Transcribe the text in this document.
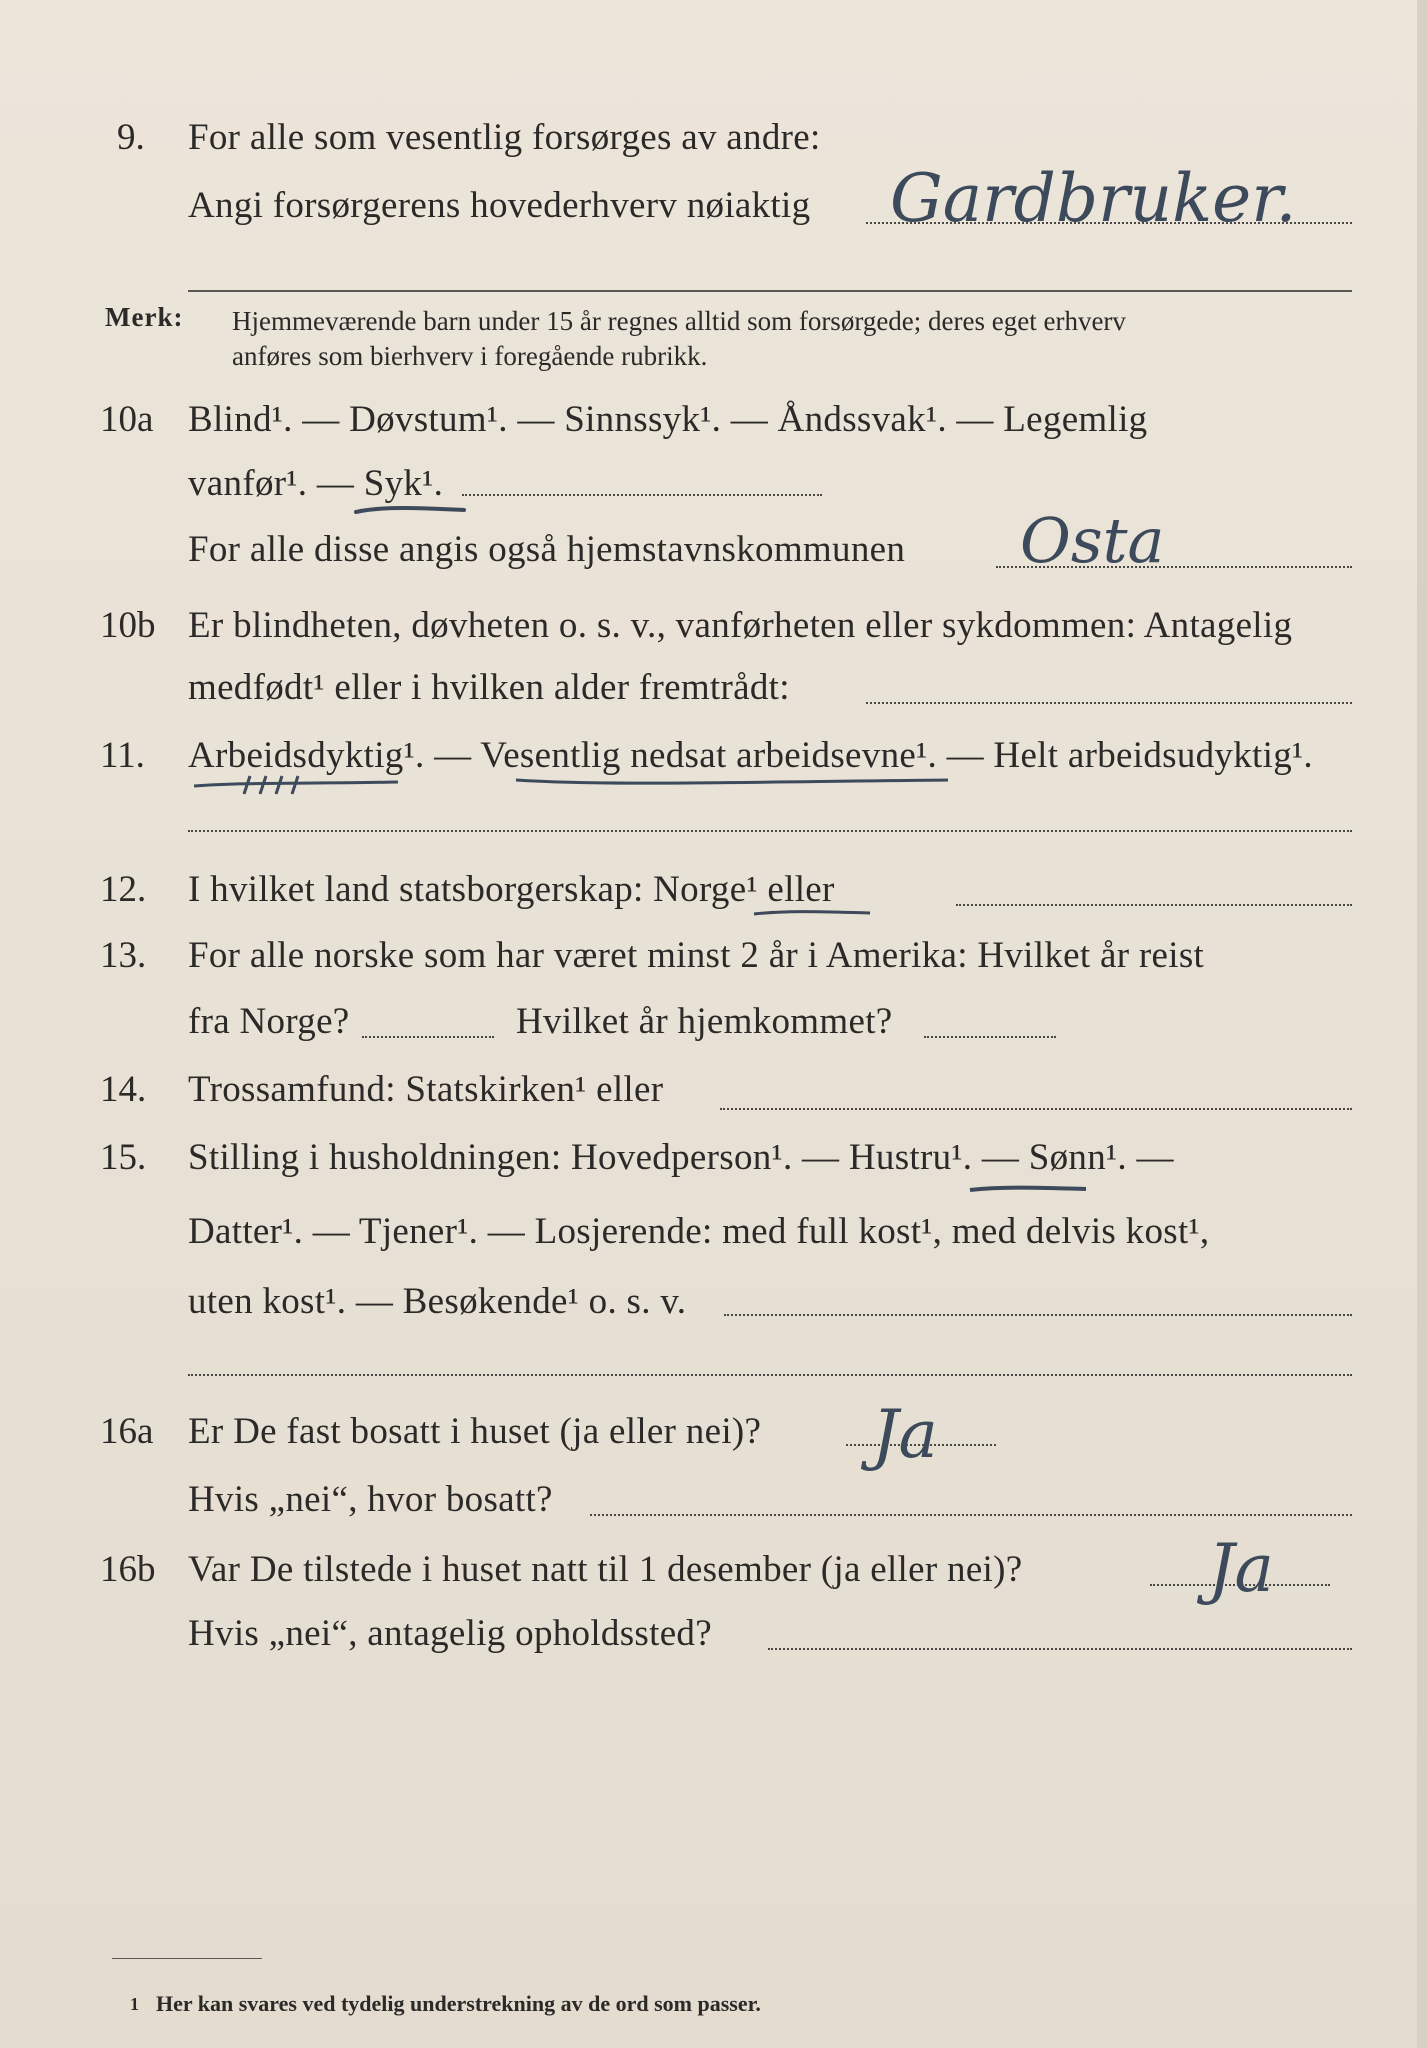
9. For alle som vesentlig forsørges av andre:
Angi forsørgerens hovederhverv nøiaktig Gardbruker.
Merk: Hjemmeværende barn under 15 år regnes alltid som forsørgede; deres eget erhverv
anføres som bierhverv i foregående rubrikk.
10a Blind¹. — Døvstum¹. — Sinnssyk¹. — Åndssvak¹. — Legemlig
vanfør¹. — Syk¹.
For alle disse angis også hjemstavnskommunen Osta
10b Er blindheten, døvheten o. s. v., vanførheten eller sykdommen: Antagelig
medfødt¹ eller i hvilken alder fremtrådt:
11. Arbeidsdyktig¹. — Vesentlig nedsat arbeidsevne¹. — Helt arbeidsudyktig¹.
12. I hvilket land statsborgerskap: Norge¹ eller
13. For alle norske som har været minst 2 år i Amerika: Hvilket år reist
fra Norge?	Hvilket år hjemkommet?
14. Trossamfund: Statskirken¹ eller
15. Stilling i husholdningen: Hovedperson¹. — Hustru¹. — Sønn¹. —
Datter¹. — Tjener¹. — Losjerende: med full kost¹, med delvis kost¹,
uten kost¹. — Besøkende¹ o. s. v.
16a Er De fast bosatt i huset (ja eller nei)? Ja
Hvis „nei“, hvor bosatt?
16b Var De tilstede i huset natt til 1 desember (ja eller nei)?	Ja
Hvis „nei“, antagelig opholdssted?
1 Her kan svares ved tydelig understrekning av de ord som passer.
